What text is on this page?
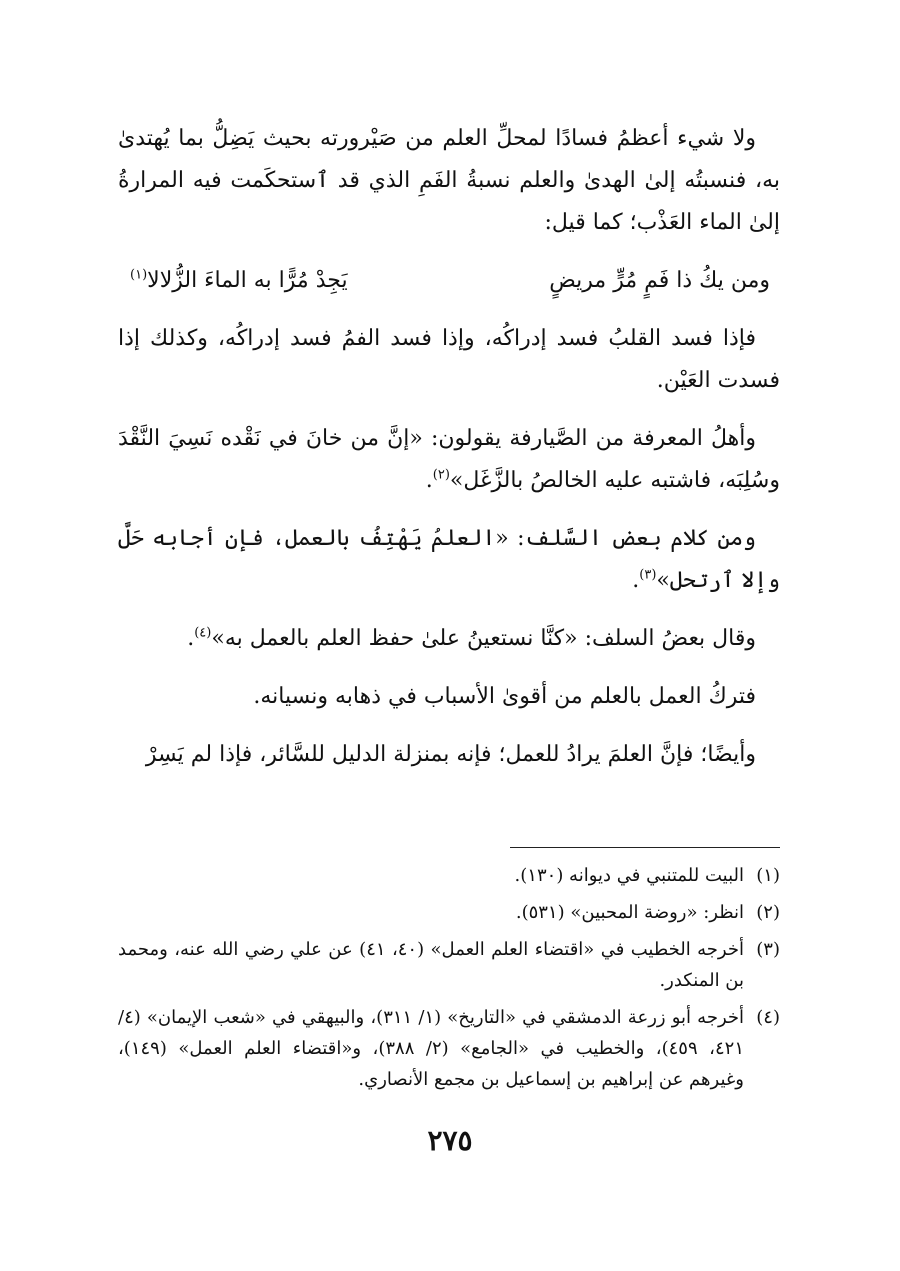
ولا شيء أعظمُ فسادًا لمحلِّ العلم من صَيْرورته بحيث يَضِلُّ بما يُهتدىٰ به، فنسبتُه إلىٰ الهدىٰ والعلم نسبةُ الفَمِ الذي قد ٱستحكَمت فيه المرارةُ إلىٰ الماء العَذْب؛ كما قيل:

ومن يكُ ذا فَمٍ مُرٍّ مريضٍ
يَجِدْ مُرًّا به الماءَ الزُّلالا$^{(١)}$

فإذا فسد القلبُ فسد إدراكُه، وإذا فسد الفمُ فسد إدراكُه، وكذلك إذا فسدت العَيْن.

وأهلُ المعرفة من الصَّيارفة يقولون: «إنَّ من خانَ في نَقْده نَسِيَ النَّقْدَ وسُلِبَه، فاشتبه عليه الخالصُ بالزَّغَل»$^{(٢)}$.

ومن كلام بعض السَّلف: «العلمُ يَهْتِفُ بالعمل، فإن أجابه حَلَّ وإلا ٱرتحل»$^{(٣)}$.

وقال بعضُ السلف: «كنَّا نستعينُ علىٰ حفظ العلم بالعمل به»$^{(٤)}$.

فتركُ العمل بالعلم من أقوىٰ الأسباب في ذهابه ونسيانه.

وأيضًا؛ فإنَّ العلمَ يرادُ للعمل؛ فإنه بمنزلة الدليل للسَّائر، فإذا لم يَسِرْ

(١)
البيت للمتنبي في ديوانه (١٣٠).
(٢)
انظر: «روضة المحبين» (٥٣١).
(٣)
أخرجه الخطيب في «اقتضاء العلم العمل» (٤٠، ٤١) عن علي رضي الله عنه، ومحمد بن المنكدر.
(٤)
أخرجه أبو زرعة الدمشقي في «التاريخ» (١/ ٣١١)، والبيهقي في «شعب الإيمان» (٤/ ٤٢١، ٤٥٩)، والخطيب في «الجامع» (٢/ ٣٨٨)، و«اقتضاء العلم العمل» (١٤٩)، وغيرهم عن إبراهيم بن إسماعيل بن مجمع الأنصاري.
٢٧٥
